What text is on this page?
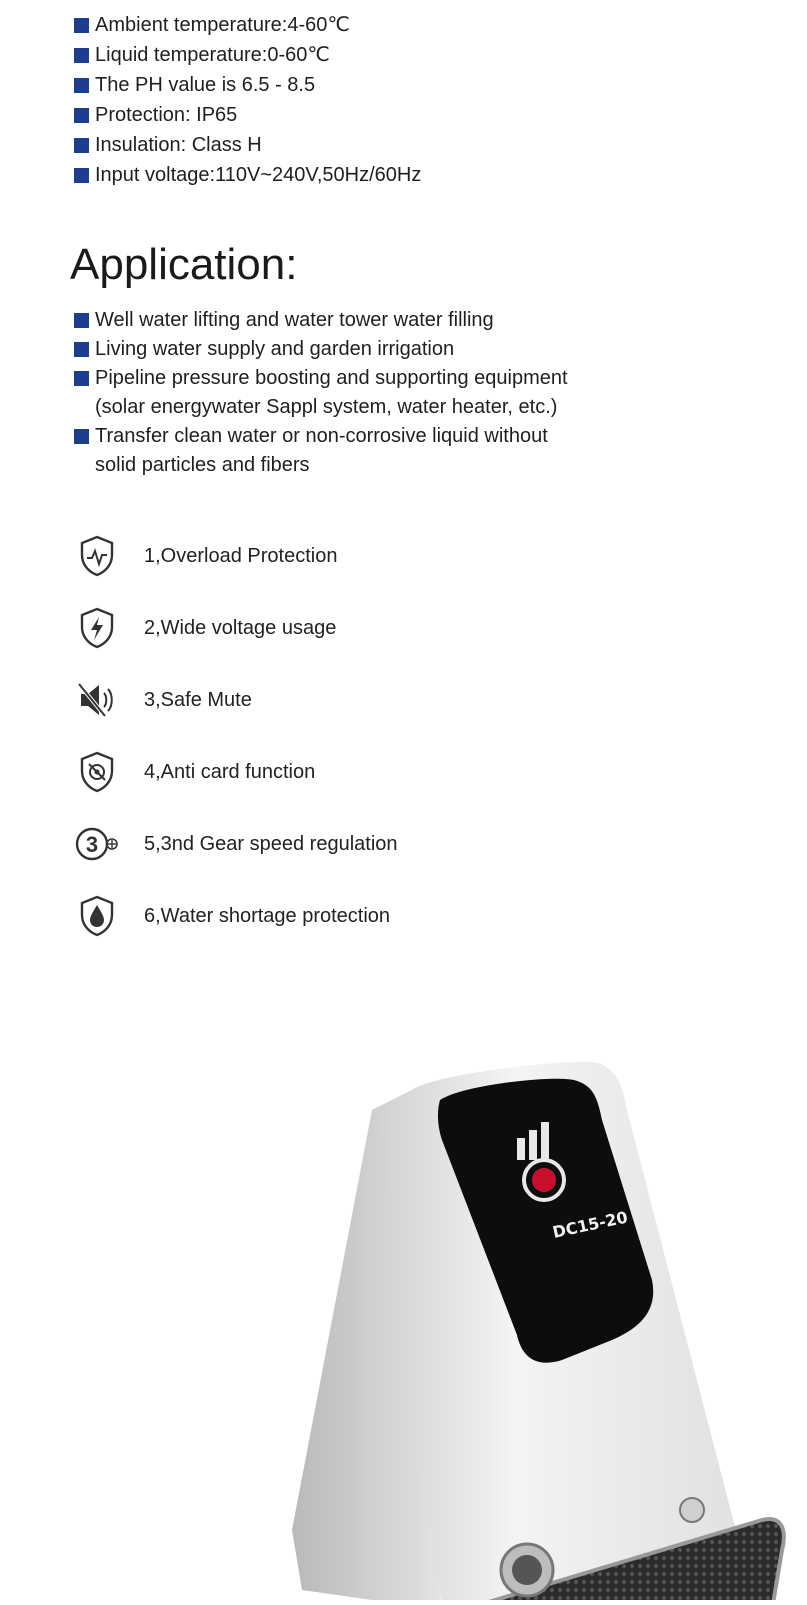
Ambient temperature:4-60℃
Liquid temperature:0-60℃
The PH value is 6.5 - 8.5
Protection: IP65
Insulation: Class H
Input voltage:110V~240V,50Hz/60Hz
Application:
Well water lifting and water tower water filling
Living water supply and garden irrigation
Pipeline pressure boosting and supporting equipment
(solar energywater Sappl system, water heater, etc.)
Transfer clean water or non-corrosive liquid without
solid particles and fibers
1,Overload Protection
2,Wide voltage usage
3,Safe Mute
4,Anti card function
3 5,3nd Gear speed regulation
6,Water shortage protection
DC15-20
